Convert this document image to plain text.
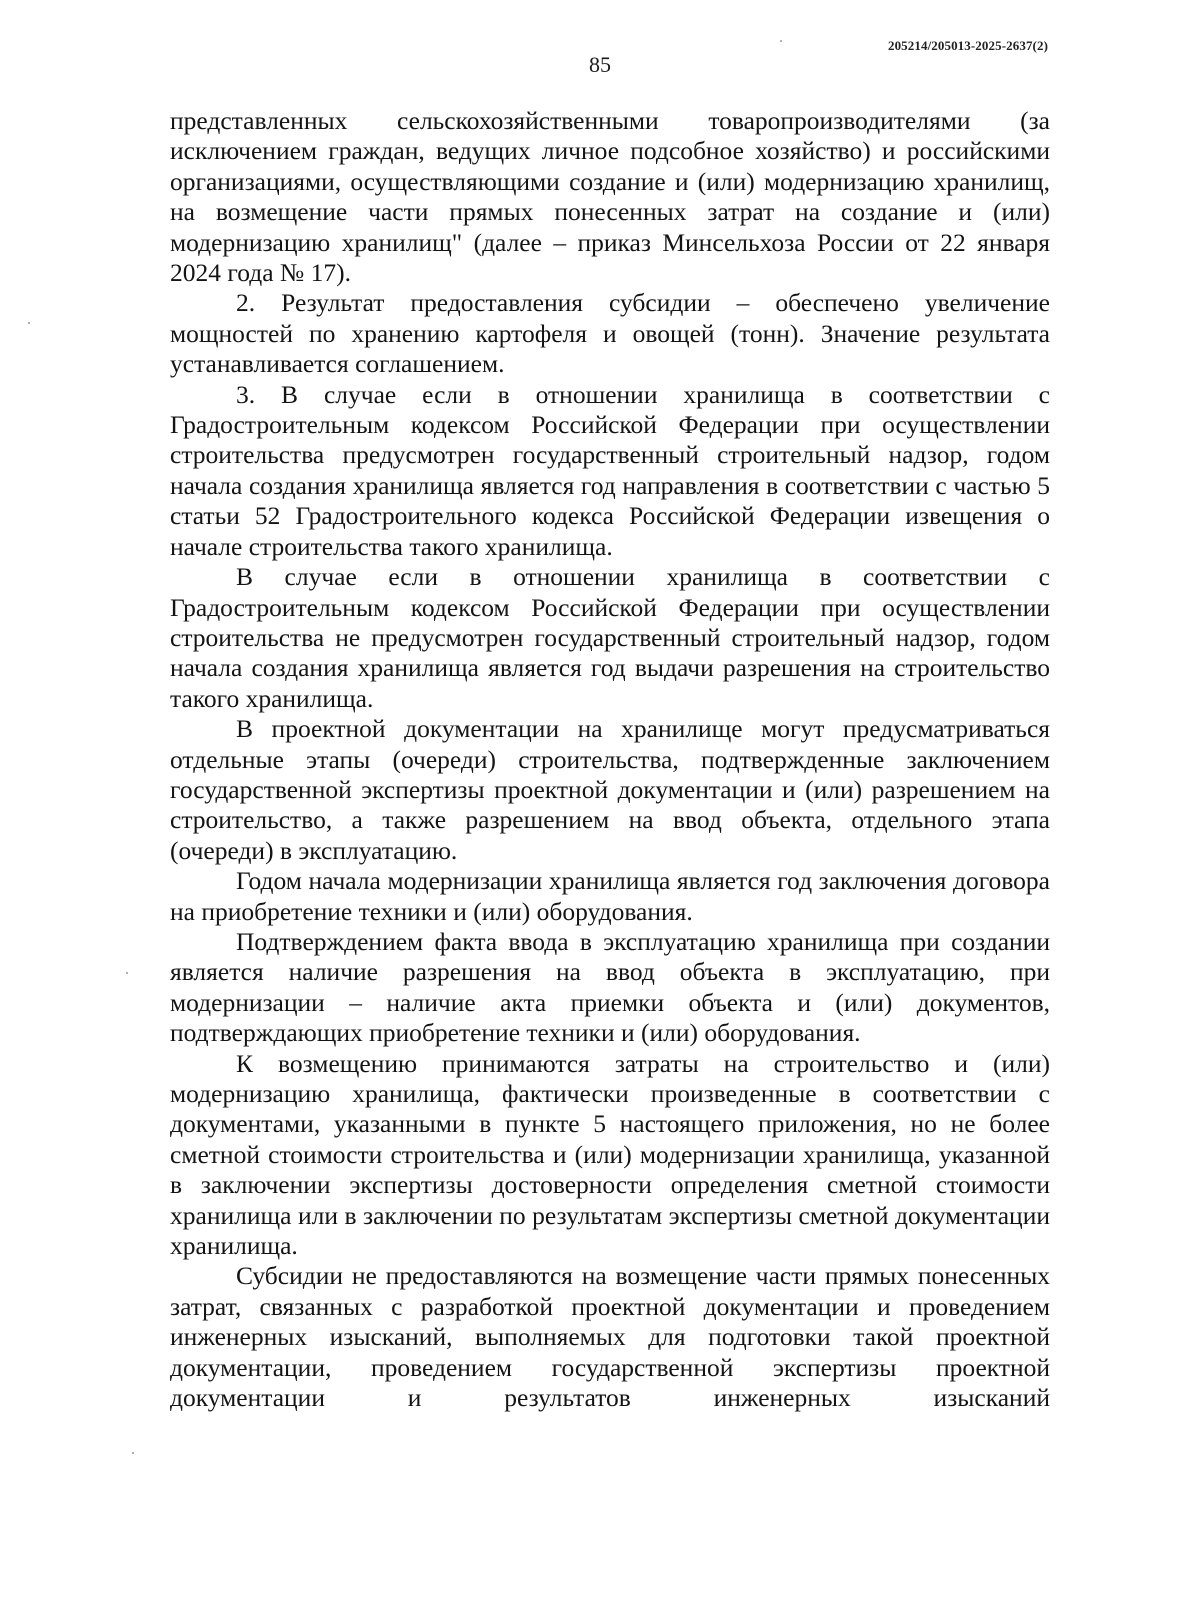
205214/205013-2025-2637(2)
85

представленных сельскохозяйственными товаропроизводителями (за исключением граждан, ведущих личное подсобное хозяйство) и российскими организациями, осуществляющими создание и (или) модернизацию хранилищ, на возмещение части прямых понесенных затрат на создание и (или) модернизацию хранилищ" (далее – приказ Минсельхоза России от 22 января 2024 года № 17).

2. Результат предоставления субсидии – обеспечено увеличение мощностей по хранению картофеля и овощей (тонн). Значение результата устанавливается соглашением.

3. В случае если в отношении хранилища в соответствии с Градостроительным кодексом Российской Федерации при осуществлении строительства предусмотрен государственный строительный надзор, годом начала создания хранилища является год направления в соответствии с частью 5 статьи 52 Градостроительного кодекса Российской Федерации извещения о начале строительства такого хранилища.

В случае если в отношении хранилища в соответствии с Градостроительным кодексом Российской Федерации при осуществлении строительства не предусмотрен государственный строительный надзор, годом начала создания хранилища является год выдачи разрешения на строительство такого хранилища.

В проектной документации на хранилище могут предусматриваться отдельные этапы (очереди) строительства, подтвержденные заключением государственной экспертизы проектной документации и (или) разрешением на строительство, а также разрешением на ввод объекта, отдельного этапа (очереди) в эксплуатацию.

Годом начала модернизации хранилища является год заключения договора на приобретение техники и (или) оборудования.

Подтверждением факта ввода в эксплуатацию хранилища при создании является наличие разрешения на ввод объекта в эксплуатацию, при модернизации – наличие акта приемки объекта и (или) документов, подтверждающих приобретение техники и (или) оборудования.

К возмещению принимаются затраты на строительство и (или) модернизацию хранилища, фактически произведенные в соответствии с документами, указанными в пункте 5 настоящего приложения, но не более сметной стоимости строительства и (или) модернизации хранилища, указанной в заключении экспертизы достоверности определения сметной стоимости хранилища или в заключении по результатам экспертизы сметной документации хранилища.

Субсидии не предоставляются на возмещение части прямых понесенных затрат, связанных с разработкой проектной документации и проведением инженерных изысканий, выполняемых для подготовки такой проектной документации, проведением государственной экспертизы проектной документации и результатов инженерных изысканий
